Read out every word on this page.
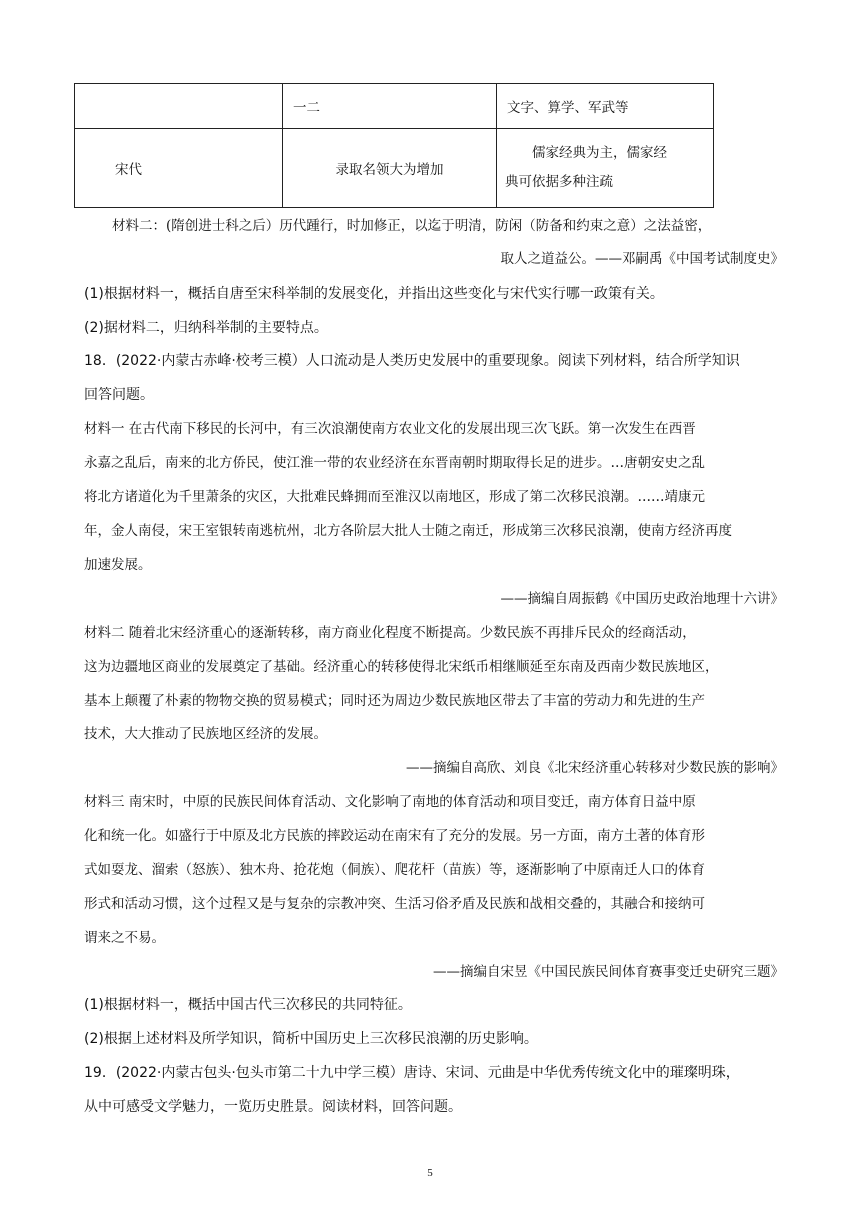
	一二	文字、算学、军武等
宋代	录取名领大为增加	儒家经典为主，儒家经
典可依据多种注疏
材料二：(隋创进士科之后）历代踵行，时加修正，以迄于明清，防闲（防备和约束之意）之法益密，
取人之道益公。——邓嗣禹《中国考试制度史》
(1)根据材料一，概括自唐至宋科举制的发展变化，并指出这些变化与宋代实行哪一政策有关。
(2)据材料二，归纳科举制的主要特点。
18．(2022·内蒙古赤峰·校考三模）人口流动是人类历史发展中的重要现象。阅读下列材料，结合所学知识
回答问题。
材料一 在古代南下移民的长河中，有三次浪潮使南方农业文化的发展出现三次飞跃。第一次发生在西晋
永嘉之乱后，南来的北方侨民，使江淮一带的农业经济在东晋南朝时期取得长足的进步。…唐朝安史之乱
将北方诸道化为千里萧条的灾区，大批难民蜂拥而至淮汉以南地区，形成了第二次移民浪潮。……靖康元
年，金人南侵，宋王室银转南逃杭州，北方各阶层大批人士随之南迁，形成第三次移民浪潮，使南方经济再度
加速发展。
——摘编自周振鹤《中国历史政治地理十六讲》
材料二 随着北宋经济重心的逐渐转移，南方商业化程度不断提高。少数民族不再排斥民众的经商活动，
这为边疆地区商业的发展奠定了基础。经济重心的转移使得北宋纸币相继顺延至东南及西南少数民族地区，
基本上颠覆了朴素的物物交换的贸易模式；同时还为周边少数民族地区带去了丰富的劳动力和先进的生产
技术，大大推动了民族地区经济的发展。
——摘编自高欣、刘良《北宋经济重心转移对少数民族的影响》
材料三 南宋时，中原的民族民间体育活动、文化影响了南地的体育活动和项目变迁，南方体育日益中原
化和统一化。如盛行于中原及北方民族的摔跤运动在南宋有了充分的发展。另一方面，南方土著的体育形
式如耍龙、溜索（怒族）、独木舟、抢花炮（侗族）、爬花杆（苗族）等，逐渐影响了中原南迁人口的体育
形式和活动习惯，这个过程又是与复杂的宗教冲突、生活习俗矛盾及民族和战相交叠的，其融合和接纳可
谓来之不易。
——摘编自宋昱《中国民族民间体育赛事变迁史研究三题》
(1)根据材料一，概括中国古代三次移民的共同特征。
(2)根据上述材料及所学知识，简析中国历史上三次移民浪潮的历史影响。
19．(2022·内蒙古包头·包头市第二十九中学三模）唐诗、宋词、元曲是中华优秀传统文化中的璀璨明珠，
从中可感受文学魅力，一览历史胜景。阅读材料，回答问题。
5
